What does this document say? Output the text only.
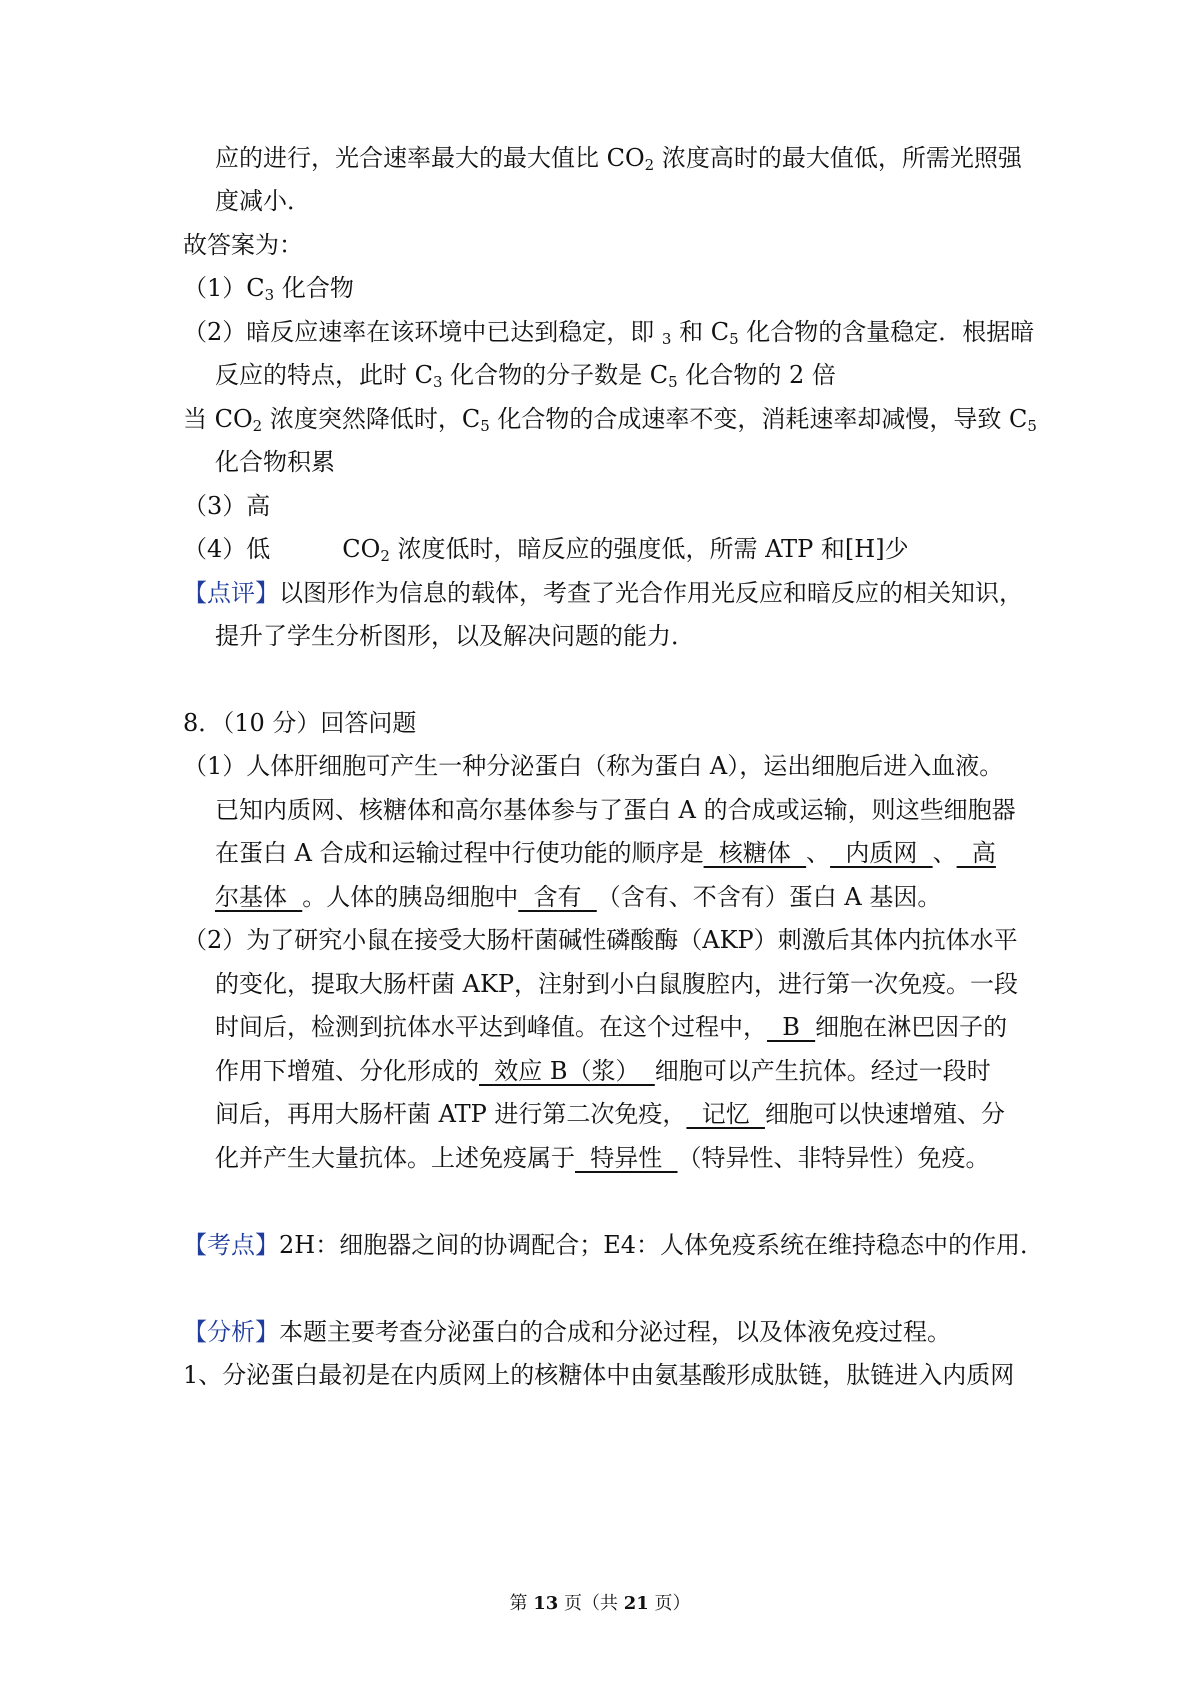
应的进行，光合速率最大的最大值比 $CO_2$ 浓度高时的最大值低，所需光照强
度减小．
故答案为：
$(1)C_3$ 化合物
（2）暗反应速率在该环境中已达到稳定，即 $_3$ 和 $C_5$ 化合物的含量稳定．根据暗
反应的特点，此时 $C_3$ 化合物的分子数是 $C_5$ 化合物的 2 倍
当 $CO_2$ 浓度突然降低时，$C_5$ 化合物的合成速率不变，消耗速率却减慢，导致 $C_5$
化合物积累
（3）高
（4）低	$CO_2$ 浓度低时，暗反应的强度低，所需 ATP 和[H]少
【点评】以图形作为信息的载体，考查了光合作用光反应和暗反应的相关知识，
提升了学生分析图形，以及解决问题的能力．
8．（10 分）回答问题
（1）人体肝细胞可产生一种分泌蛋白（称为蛋白 A），运出细胞后进入血液。
已知内质网、核糖体和高尔基体参与了蛋白 A 的合成或运输，则这些细胞器
在蛋白 A 合成和运输过程中行使功能的顺序是  核糖体  、  内质网  、  高
尔基体  。人体的胰岛细胞中  含有  （含有、不含有）蛋白 A 基因。
（2）为了研究小鼠在接受大肠杆菌碱性磷酸酶（AKP）刺激后其体内抗体水平
的变化，提取大肠杆菌 AKP，注射到小白鼠腹腔内，进行第一次免疫。一段
时间后，检测到抗体水平达到峰值。在这个过程中，  B  细胞在淋巴因子的
作用下增殖、分化形成的  效应 B（浆）  细胞可以产生抗体。经过一段时
间后，再用大肠杆菌 ATP 进行第二次免疫，  记忆  细胞可以快速增殖、分
化并产生大量抗体。上述免疫属于  特异性  （特异性、非特异性）免疫。
【考点】2H：细胞器之间的协调配合；E4：人体免疫系统在维持稳态中的作用．
【分析】本题主要考查分泌蛋白的合成和分泌过程，以及体液免疫过程。
1、分泌蛋白最初是在内质网上的核糖体中由氨基酸形成肽链，肽链进入内质网
第 13 页（共 21 页）
